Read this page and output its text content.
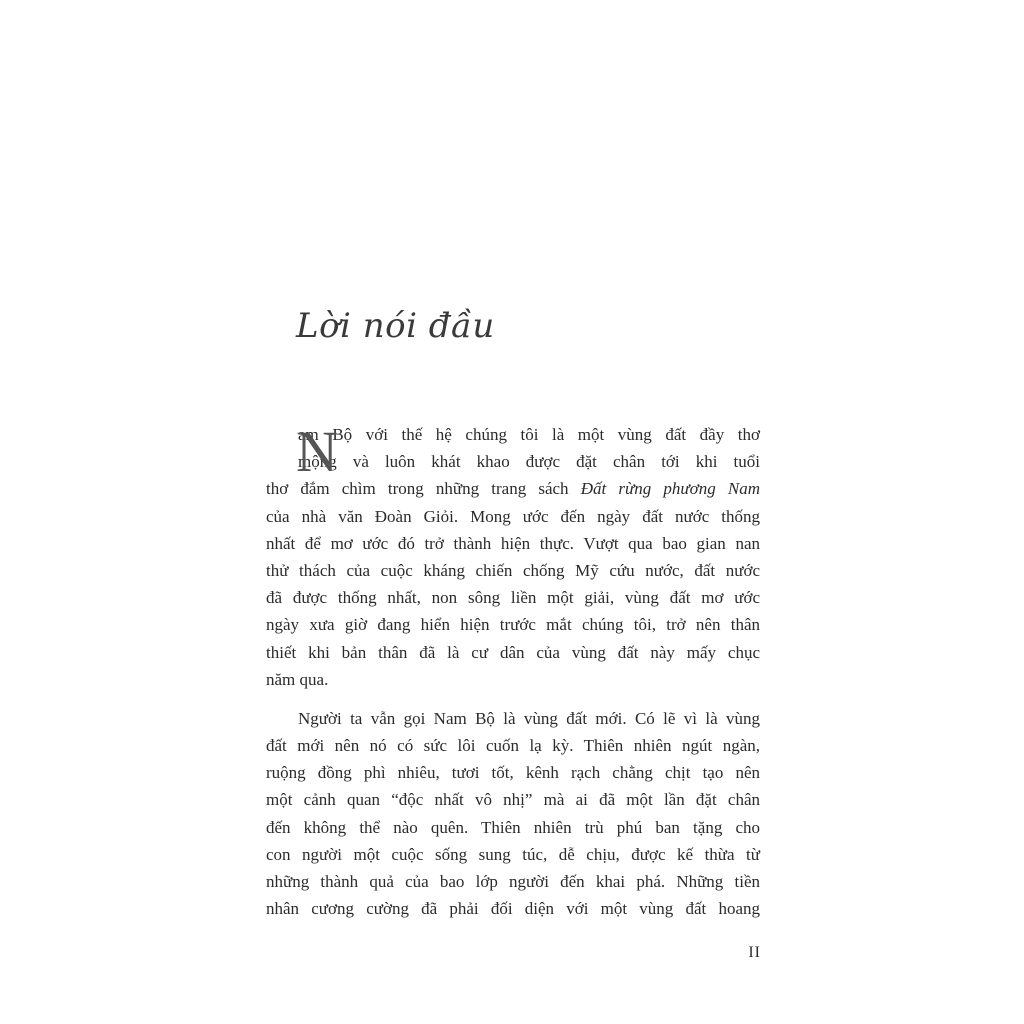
Lời nói đầu
N
am Bộ với thế hệ chúng tôi là một vùng đất đầy thơ
mộng và luôn khát khao được đặt chân tới khi tuổi
thơ đắm chìm trong những trang sách Đất rừng phương Nam
của nhà văn Đoàn Giỏi. Mong ước đến ngày đất nước thống
nhất để mơ ước đó trở thành hiện thực. Vượt qua bao gian nan
thử thách của cuộc kháng chiến chống Mỹ cứu nước, đất nước
đã được thống nhất, non sông liền một giải, vùng đất mơ ước
ngày xưa giờ đang hiển hiện trước mắt chúng tôi, trở nên thân
thiết khi bản thân đã là cư dân của vùng đất này mấy chục
năm qua.
Người ta vẫn gọi Nam Bộ là vùng đất mới. Có lẽ vì là vùng
đất mới nên nó có sức lôi cuốn lạ kỳ. Thiên nhiên ngút ngàn,
ruộng đồng phì nhiêu, tươi tốt, kênh rạch chằng chịt tạo nên
một cảnh quan “độc nhất vô nhị” mà ai đã một lần đặt chân
đến không thể nào quên. Thiên nhiên trù phú ban tặng cho
con người một cuộc sống sung túc, dễ chịu, được kế thừa từ
những thành quả của bao lớp người đến khai phá. Những tiền
nhân cương cường đã phải đối diện với một vùng đất hoang
II
